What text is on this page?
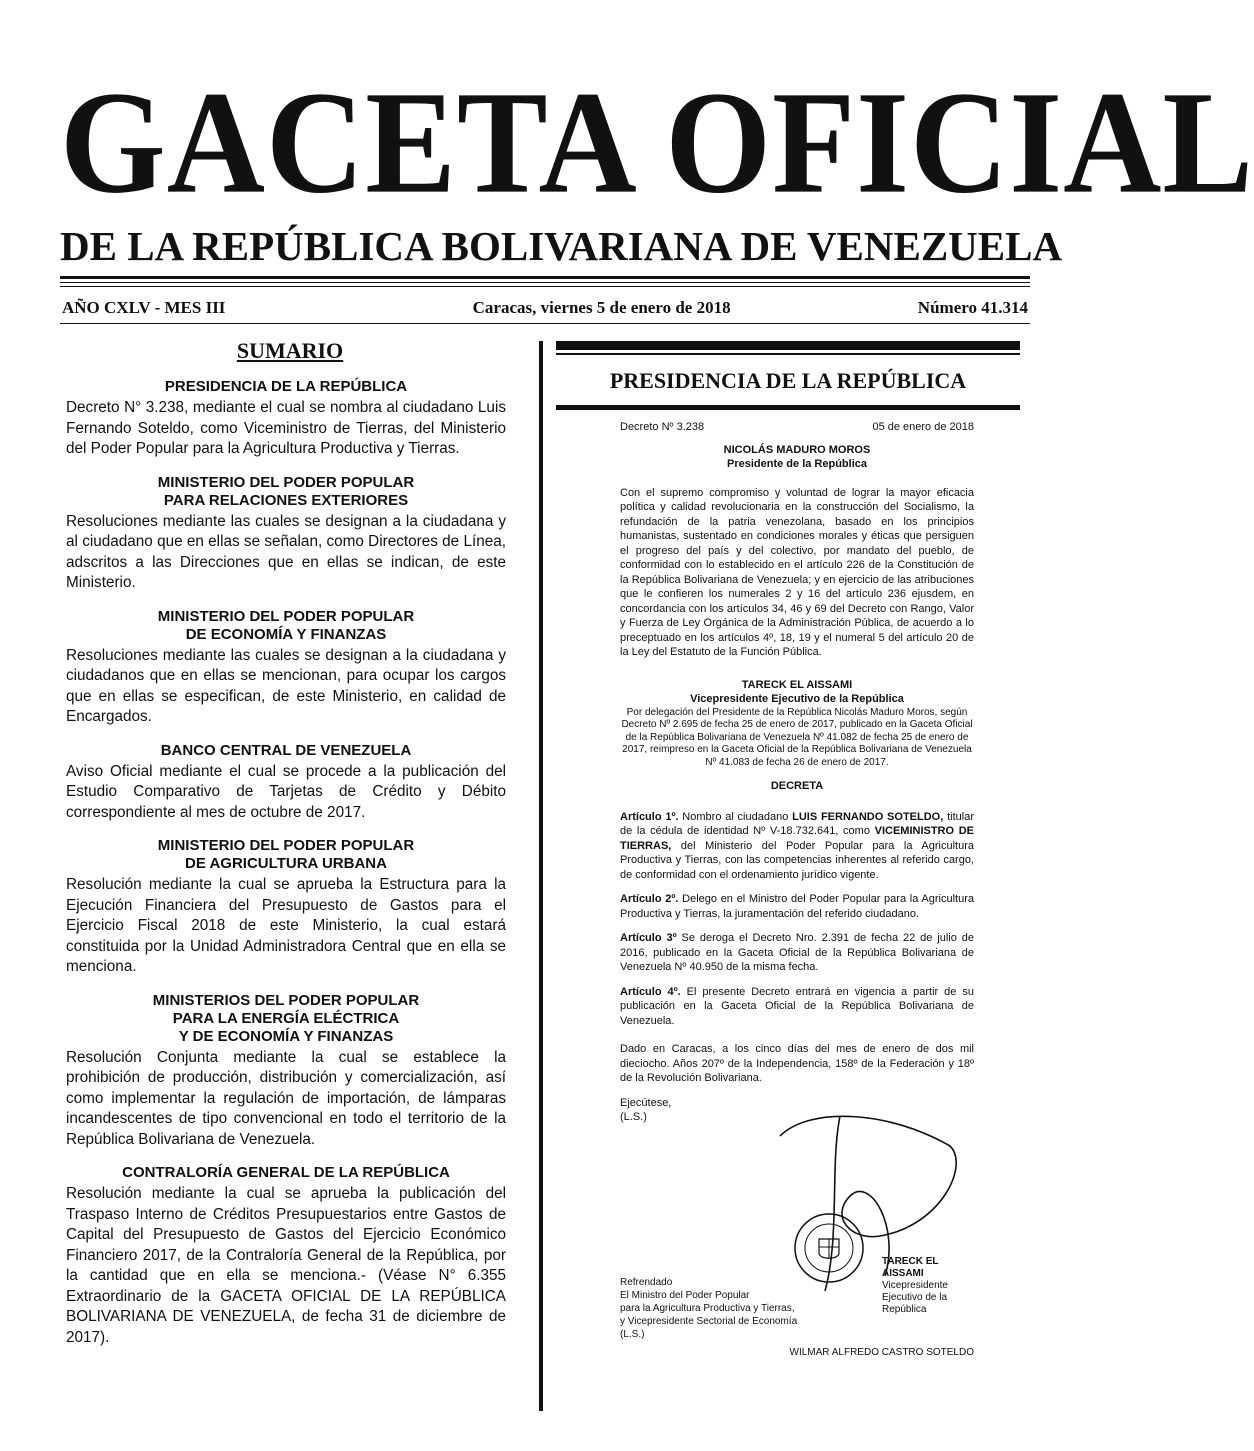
GACETA OFICIAL
DE LA REPÚBLICA BOLIVARIANA DE VENEZUELA
AÑO CXLV - MES III	Caracas, viernes 5 de enero de 2018	Número 41.314
SUMARIO
PRESIDENCIA DE LA REPÚBLICA

Decreto N° 3.238, mediante el cual se nombra al ciudadano Luis Fernando Soteldo, como Viceministro de Tierras, del Ministerio del Poder Popular para la Agricultura Productiva y Tierras.

MINISTERIO DEL PODER POPULAR
PARA RELACIONES EXTERIORES

Resoluciones mediante las cuales se designan a la ciudadana y al ciudadano que en ellas se señalan, como Directores de Línea, adscritos a las Direcciones que en ellas se indican, de este Ministerio.

MINISTERIO DEL PODER POPULAR
DE ECONOMÍA Y FINANZAS

Resoluciones mediante las cuales se designan a la ciudadana y ciudadanos que en ellas se mencionan, para ocupar los cargos que en ellas se especifican, de este Ministerio, en calidad de Encargados.

BANCO CENTRAL DE VENEZUELA

Aviso Oficial mediante el cual se procede a la publicación del Estudio Comparativo de Tarjetas de Crédito y Débito correspondiente al mes de octubre de 2017.

MINISTERIO DEL PODER POPULAR
DE AGRICULTURA URBANA

Resolución mediante la cual se aprueba la Estructura para la Ejecución Financiera del Presupuesto de Gastos para el Ejercicio Fiscal 2018 de este Ministerio, la cual estará constituida por la Unidad Administradora Central que en ella se menciona.

MINISTERIOS DEL PODER POPULAR
PARA LA ENERGÍA ELÉCTRICA
Y DE ECONOMÍA Y FINANZAS

Resolución Conjunta mediante la cual se establece la prohibición de producción, distribución y comercialización, así como implementar la regulación de importación, de lámparas incandescentes de tipo convencional en todo el territorio de la República Bolivariana de Venezuela.

CONTRALORÍA GENERAL DE LA REPÚBLICA

Resolución mediante la cual se aprueba la publicación del Traspaso Interno de Créditos Presupuestarios entre Gastos de Capital del Presupuesto de Gastos del Ejercicio Económico Financiero 2017, de la Contraloría General de la República, por la cantidad que en ella se menciona.- (Véase N° 6.355 Extraordinario de la GACETA OFICIAL DE LA REPÚBLICA BOLIVARIANA DE VENEZUELA, de fecha 31 de diciembre de 2017).

PRESIDENCIA DE LA REPÚBLICA
Decreto Nº 3.238	05 de enero de 2018

NICOLÁS MADURO MOROS
Presidente de la República

Con el supremo compromiso y voluntad de lograr la mayor eficacia política y calidad revolucionaria en la construcción del Socialismo, la refundación de la patria venezolana, basado en los principios humanistas, sustentado en condiciones morales y éticas que persiguen el progreso del país y del colectivo, por mandato del pueblo, de conformidad con lo establecido en el artículo 226 de la Constitución de la República Bolivariana de Venezuela; y en ejercicio de las atribuciones que le confieren los numerales 2 y 16 del artículo 236 ejusdem, en concordancia con los artículos 34, 46 y 69 del Decreto con Rango, Valor y Fuerza de Ley Orgánica de la Administración Pública, de acuerdo a lo preceptuado en los artículos 4º, 18, 19 y el numeral 5 del artículo 20 de la Ley del Estatuto de la Función Pública.

TARECK EL AISSAMI
Vicepresidente Ejecutivo de la República

Por delegación del Presidente de la República Nicolás Maduro Moros, según Decreto Nº 2.695 de fecha 25 de enero de 2017, publicado en la Gaceta Oficial de la República Bolivariana de Venezuela Nº 41.082 de fecha 25 de enero de 2017, reimpreso en la Gaceta Oficial de la República Bolivariana de Venezuela Nº 41.083 de fecha 26 de enero de 2017.

DECRETA

Artículo 1º. Nombro al ciudadano LUIS FERNANDO SOTELDO, titular de la cédula de identidad Nº V-18.732.641, como VICEMINISTRO DE TIERRAS, del Ministerio del Poder Popular para la Agricultura Productiva y Tierras, con las competencias inherentes al referido cargo, de conformidad con el ordenamiento jurídico vigente.

Artículo 2º. Delego en el Ministro del Poder Popular para la Agricultura Productiva y Tierras, la juramentación del referido ciudadano.

Artículo 3º Se deroga el Decreto Nro. 2.391 de fecha 22 de julio de 2016, publicado en la Gaceta Oficial de la República Bolivariana de Venezuela Nº 40.950 de la misma fecha.

Artículo 4º. El presente Decreto entrará en vigencia a partir de su publicación en la Gaceta Oficial de la República Bolivariana de Venezuela.

Dado en Caracas, a los cinco días del mes de enero de dos mil dieciocho. Años 207º de la Independencia, 158º de la Federación y 18º de la Revolución Bolivariana.

Ejecútese,
(L.S.)
TARECK EL AISSAMI
Vicepresidente Ejecutivo de la República
Refrendado
El Ministro del Poder Popular
para la Agricultura Productiva y Tierras,
y Vicepresidente Sectorial de Economía
(L.S.)
WILMAR ALFREDO CASTRO SOTELDO
